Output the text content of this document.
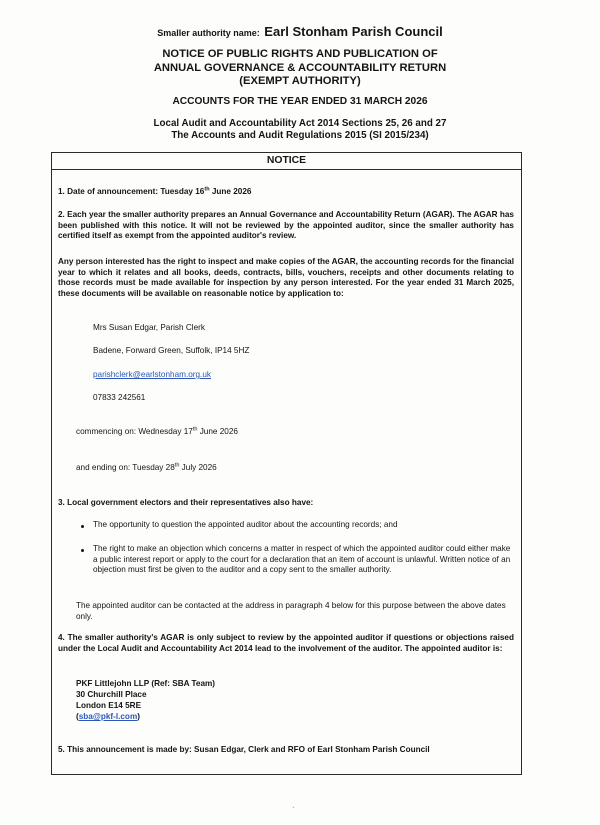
Smaller authority name: Earl Stonham Parish Council
NOTICE OF PUBLIC RIGHTS AND PUBLICATION OF
ANNUAL GOVERNANCE & ACCOUNTABILITY RETURN
(EXEMPT AUTHORITY)
ACCOUNTS FOR THE YEAR ENDED 31 MARCH 2026
Local Audit and Accountability Act 2014 Sections 25, 26 and 27
The Accounts and Audit Regulations 2015 (SI 2015/234)
NOTICE
1. Date of announcement: Tuesday 16th June 2026
2. Each year the smaller authority prepares an Annual Governance and Accountability Return (AGAR). The AGAR has been published with this notice. It will not be reviewed by the appointed auditor, since the smaller authority has certified itself as exempt from the appointed auditor's review.
Any person interested has the right to inspect and make copies of the AGAR, the accounting records for the financial year to which it relates and all books, deeds, contracts, bills, vouchers, receipts and other documents relating to those records must be made available for inspection by any person interested. For the year ended 31 March 2025, these documents will be available on reasonable notice by application to:
Mrs Susan Edgar, Parish Clerk
Badene, Forward Green, Suffolk, IP14 5HZ
parishclerk@earlstonham.org.uk
07833 242561
commencing on: Wednesday 17th June 2026
and ending on: Tuesday 28th July 2026
3. Local government electors and their representatives also have:
The opportunity to question the appointed auditor about the accounting records; and
The right to make an objection which concerns a matter in respect of which the appointed auditor could either make a public interest report or apply to the court for a declaration that an item of account is unlawful. Written notice of an objection must first be given to the auditor and a copy sent to the smaller authority.
The appointed auditor can be contacted at the address in paragraph 4 below for this purpose between the above dates only.
4. The smaller authority's AGAR is only subject to review by the appointed auditor if questions or objections raised under the Local Audit and Accountability Act 2014 lead to the involvement of the auditor. The appointed auditor is:
PKF Littlejohn LLP (Ref: SBA Team)
30 Churchill Place
London E14 5RE
(sba@pkf-l.com)
5. This announcement is made by: Susan Edgar, Clerk and RFO of Earl Stonham Parish Council
`
